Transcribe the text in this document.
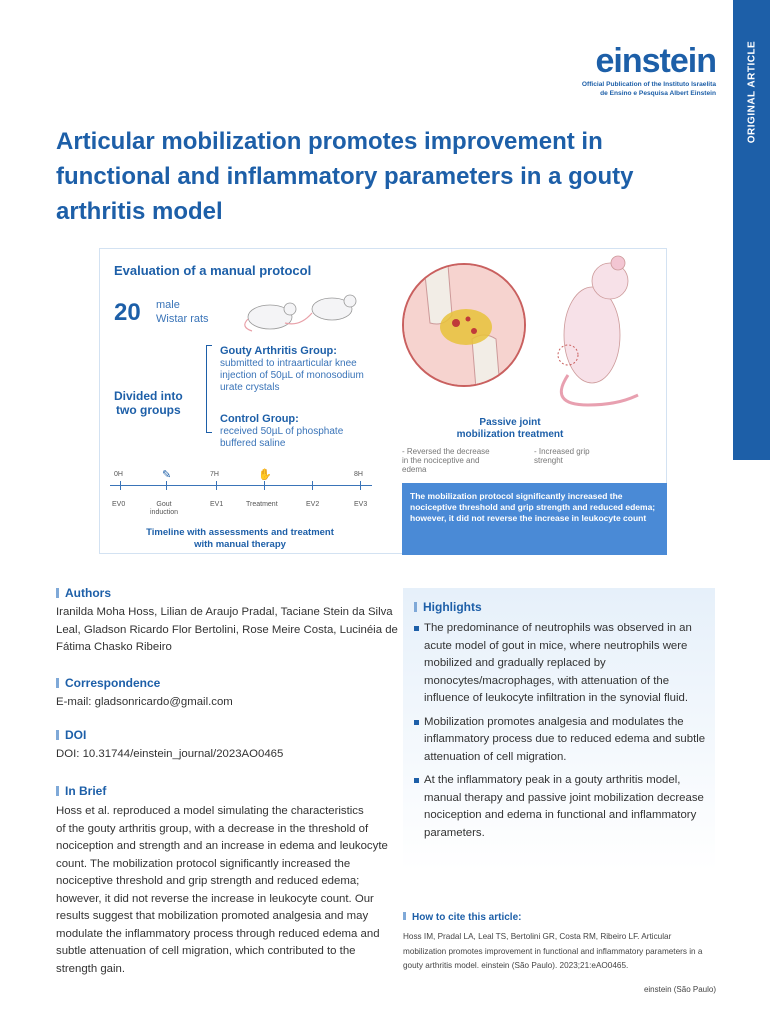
ORIGINAL ARTICLE
einstein
Official Publication of the Instituto Israelita
de Ensino e Pesquisa Albert Einstein
Articular mobilization promotes improvement in functional and inflammatory parameters in a gouty arthritis model
Evaluation of a manual protocol
20 male
Wistar rats
Divided into
two groups
Gouty Arthritis Group:
submitted to intraarticular knee
injection of 50µL of monosodium
urate crystals
Control Group:
received 50µL of phosphate
buffered saline
0H	7H	8H
✎	✋
EV0	Gout
induction
EV1	Treatment	EV2	EV3
Timeline with assessments and treatment
with manual therapy
Passive joint
mobilization treatment
- Reversed the decrease
in the nociceptive and
edema
- Increased grip
strenght
The mobilization protocol significantly increased the nociceptive threshold and grip strength and reduced edema; however, it did not reverse the increase in leukocyte count
Authors
Iranilda Moha Hoss, Lilian de Araujo Pradal, Taciane Stein da Silva
Leal, Gladson Ricardo Flor Bertolini, Rose Meire Costa, Lucinéia de
Fátima Chasko Ribeiro
Correspondence
E-mail: gladsonricardo@gmail.com
DOI
DOI: 10.31744/einstein_journal/2023AO0465
In Brief
Hoss et al. reproduced a model simulating the characteristics
of the gouty arthritis group, with a decrease in the threshold of
nociception and strength and an increase in edema and leukocyte
count. The mobilization protocol significantly increased the
nociceptive threshold and grip strength and reduced edema;
however, it did not reverse the increase in leukocyte count. Our
results suggest that mobilization promoted analgesia and may
modulate the inflammatory process through reduced edema and
subtle attenuation of cell migration, which contributed to the
strength gain.
Highlights
The predominance of neutrophils was observed in an acute model of gout in mice, where neutrophils were mobilized and gradually replaced by monocytes/macrophages, with attenuation of the influence of leukocyte infiltration in the synovial fluid.
Mobilization promotes analgesia and modulates the inflammatory process due to reduced edema and subtle attenuation of cell migration.
At the inflammatory peak in a gouty arthritis model, manual therapy and passive joint mobilization decrease nociception and edema in functional and inflammatory parameters.
How to cite this article:
Hoss IM, Pradal LA, Leal TS, Bertolini GR, Costa RM, Ribeiro LF. Articular mobilization promotes improvement in functional and inflammatory parameters in a gouty arthritis model. einstein (São Paulo). 2023;21:eAO0465.
einstein (São Paulo)
